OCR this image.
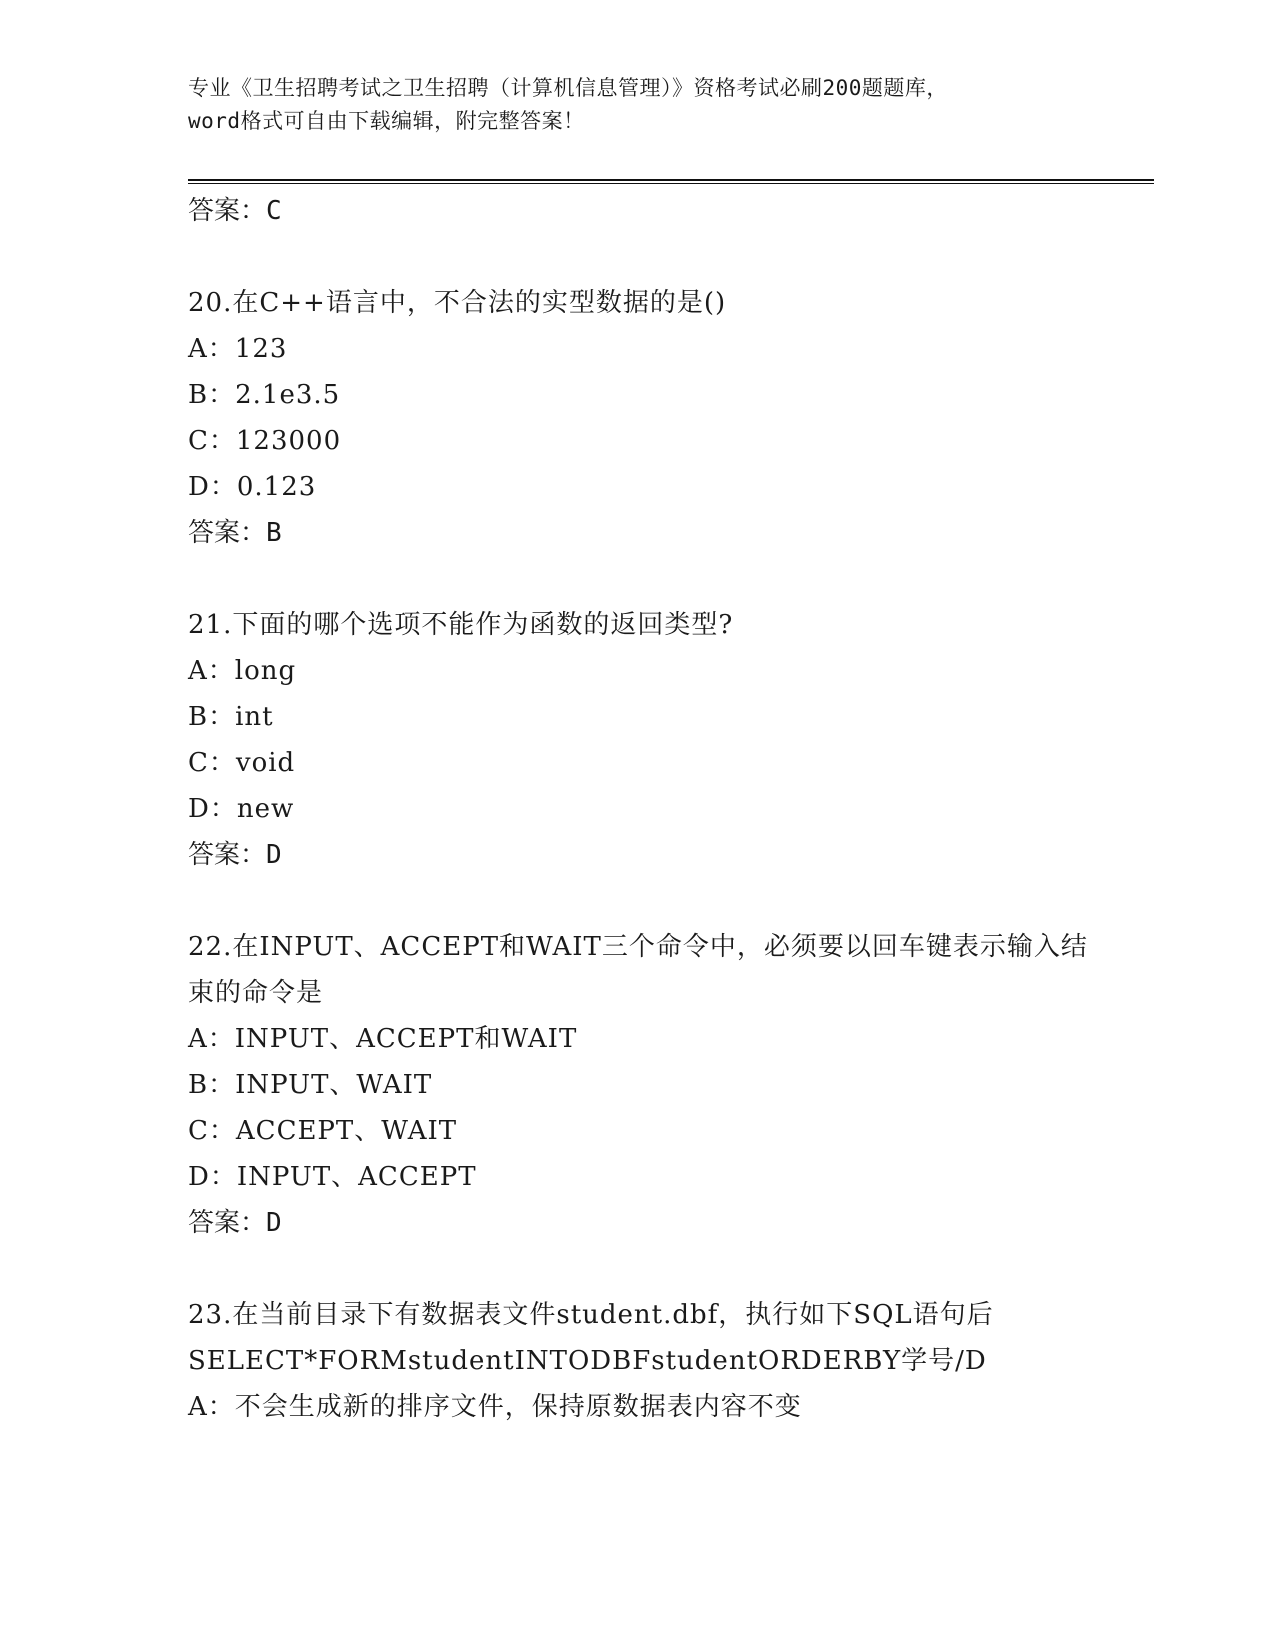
专业《卫生招聘考试之卫生招聘（计算机信息管理）》资格考试必刷200题题库，
word格式可自由下载编辑，附完整答案！
答案：C
20.在C++语言中，不合法的实型数据的是()
A：123
B：2.1e3.5
C：123000
D：0.123
答案：B
21.下面的哪个选项不能作为函数的返回类型?
A：long
B：int
C：void
D：new
答案：D
22.在INPUT、ACCEPT和WAIT三个命令中，必须要以回车键表示输入结束的命令是
A：INPUT、ACCEPT和WAIT
B：INPUT、WAIT
C：ACCEPT、WAIT
D：INPUT、ACCEPT
答案：D
23.在当前目录下有数据表文件student.dbf，执行如下SQL语句后SELECT*FORMstudentINTODBFstudentORDERBY学号/D
A：不会生成新的排序文件，保持原数据表内容不变
